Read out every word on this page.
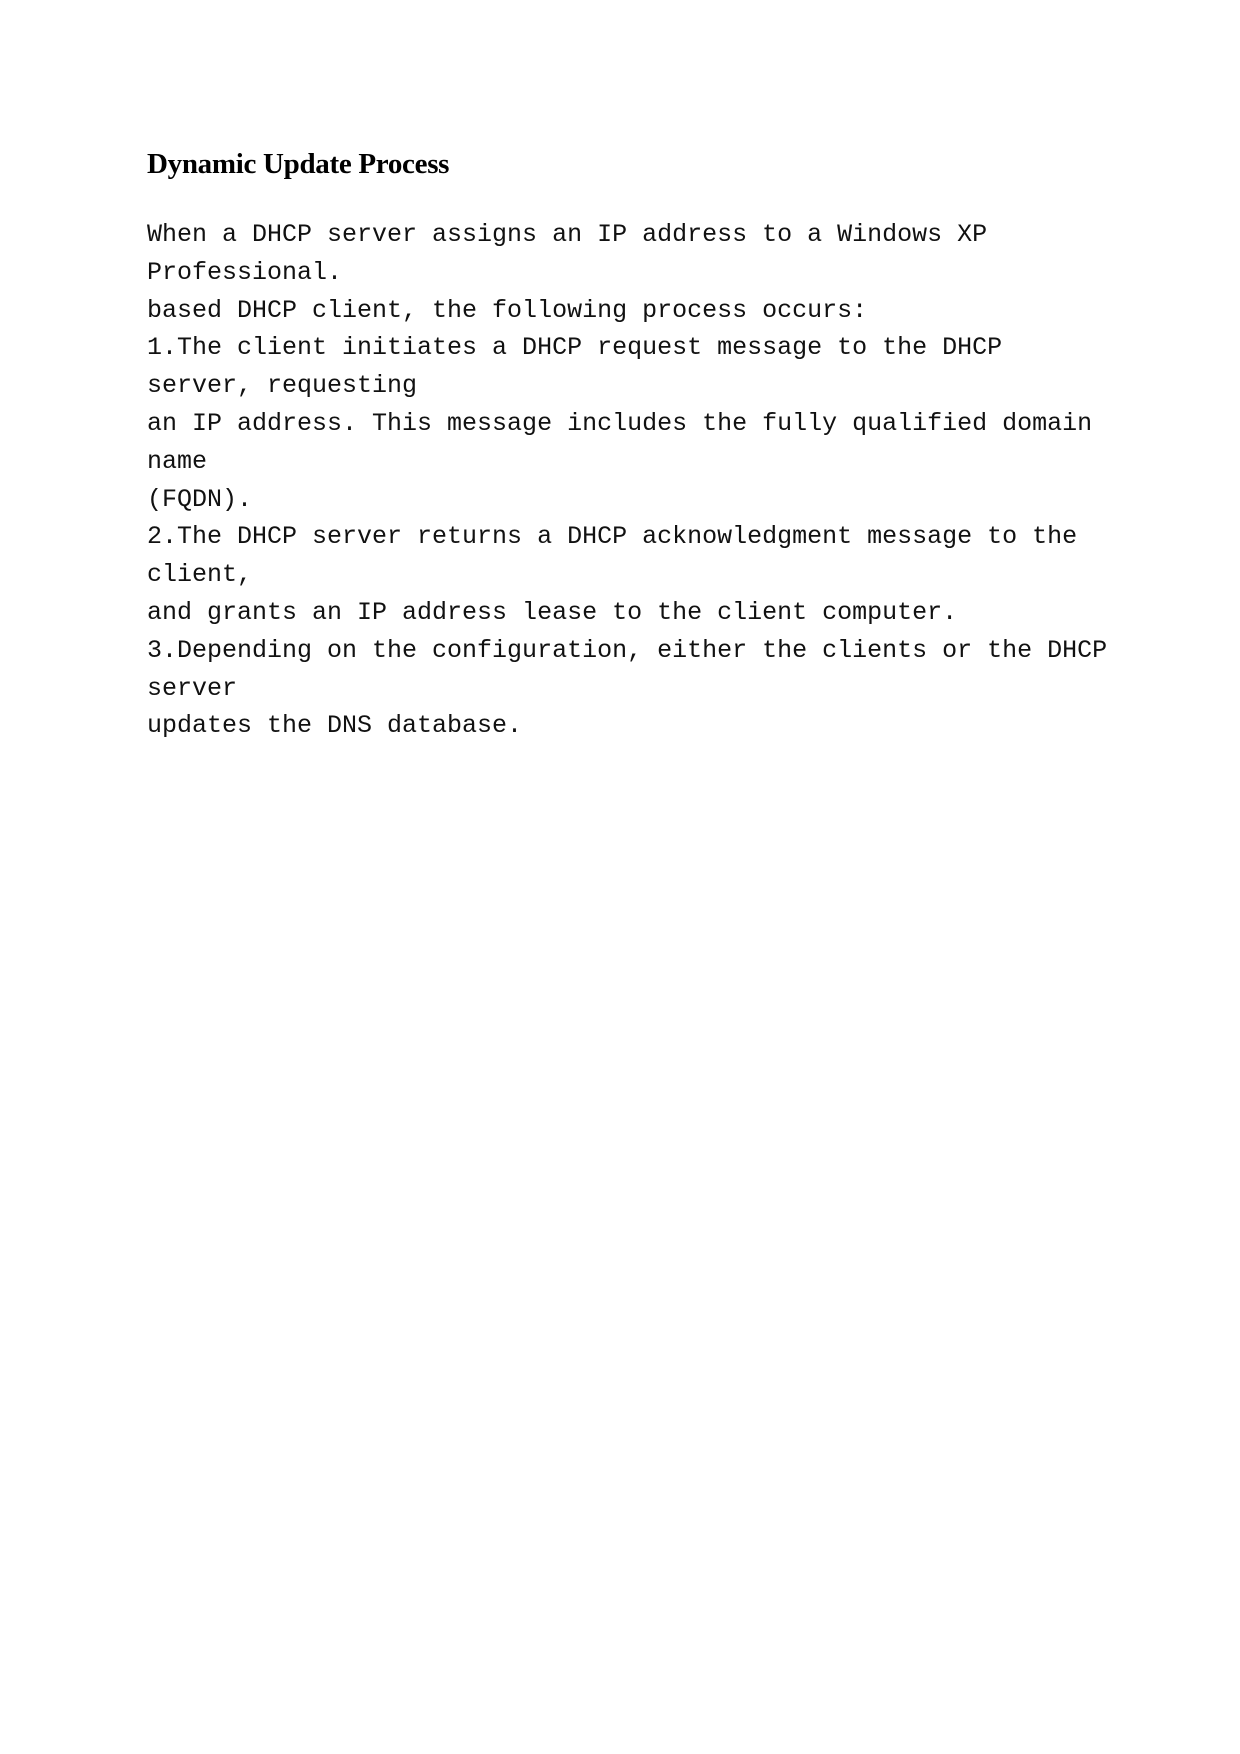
Dynamic Update Process
When a DHCP server assigns an IP address to a Windows XP
Professional.
based DHCP client, the following process occurs:
1.The client initiates a DHCP request message to the DHCP
server, requesting
an IP address. This message includes the fully qualified domain
name
(FQDN).
2.The DHCP server returns a DHCP acknowledgment message to the
client,
and grants an IP address lease to the client computer.
3.Depending on the configuration, either the clients or the DHCP
server
updates the DNS database.
